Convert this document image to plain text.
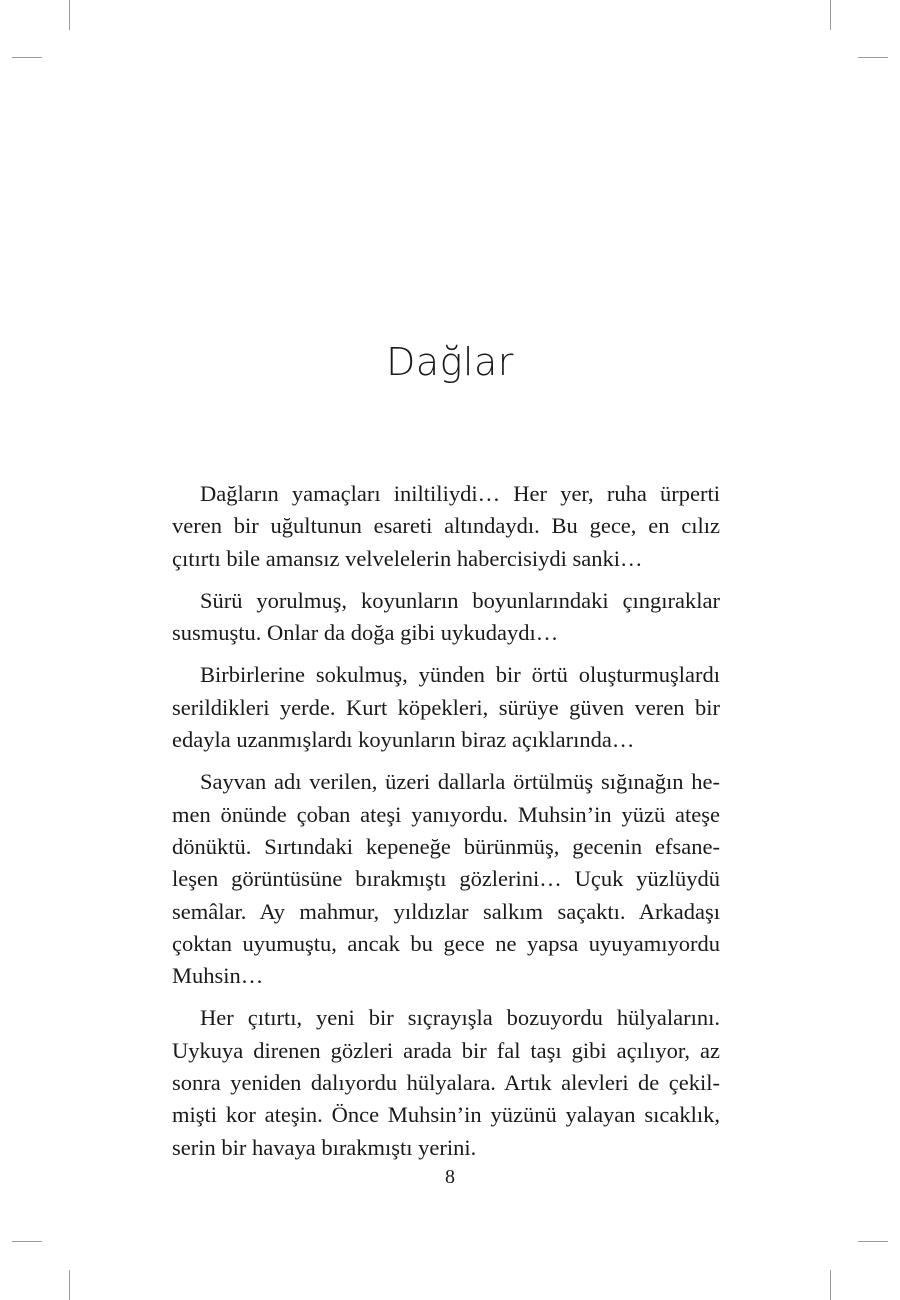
Dağlar

Dağların yamaçları iniltiliydi… Her yer, ruha ürperti veren bir uğultunun esareti altındaydı. Bu gece, en cılız çıtırtı bile amansız velvelelerin habercisiydi sanki…

Sürü yorulmuş, koyunların boyunlarındaki çıngıraklar susmuştu. Onlar da doğa gibi uykudaydı…

Birbirlerine sokulmuş, yünden bir örtü oluşturmuşlardı serildikleri yerde. Kurt köpekleri, sürüye güven veren bir edayla uzanmışlardı koyunların biraz açıklarında…

Sayvan adı verilen, üzeri dallarla örtülmüş sığınağın hemen önünde çoban ateşi yanıyordu. Muhsin’in yüzü ateşe dönüktü. Sırtındaki kepeneğe bürünmüş, gecenin efsaneleşen görüntüsüne bırakmıştı gözlerini… Uçuk yüzlüydü semâlar. Ay mahmur, yıldızlar salkım saçaktı. Arkadaşı çoktan uyumuştu, ancak bu gece ne yapsa uyuyamıyordu Muhsin…

Her çıtırtı, yeni bir sıçrayışla bozuyordu hülyalarını. Uykuya direnen gözleri arada bir fal taşı gibi açılıyor, az sonra yeniden dalıyordu hülyalara. Artık alevleri de çekilmişti kor ateşin. Önce Muhsin’in yüzünü yalayan sıcaklık, serin bir havaya bırakmıştı yerini.

8
